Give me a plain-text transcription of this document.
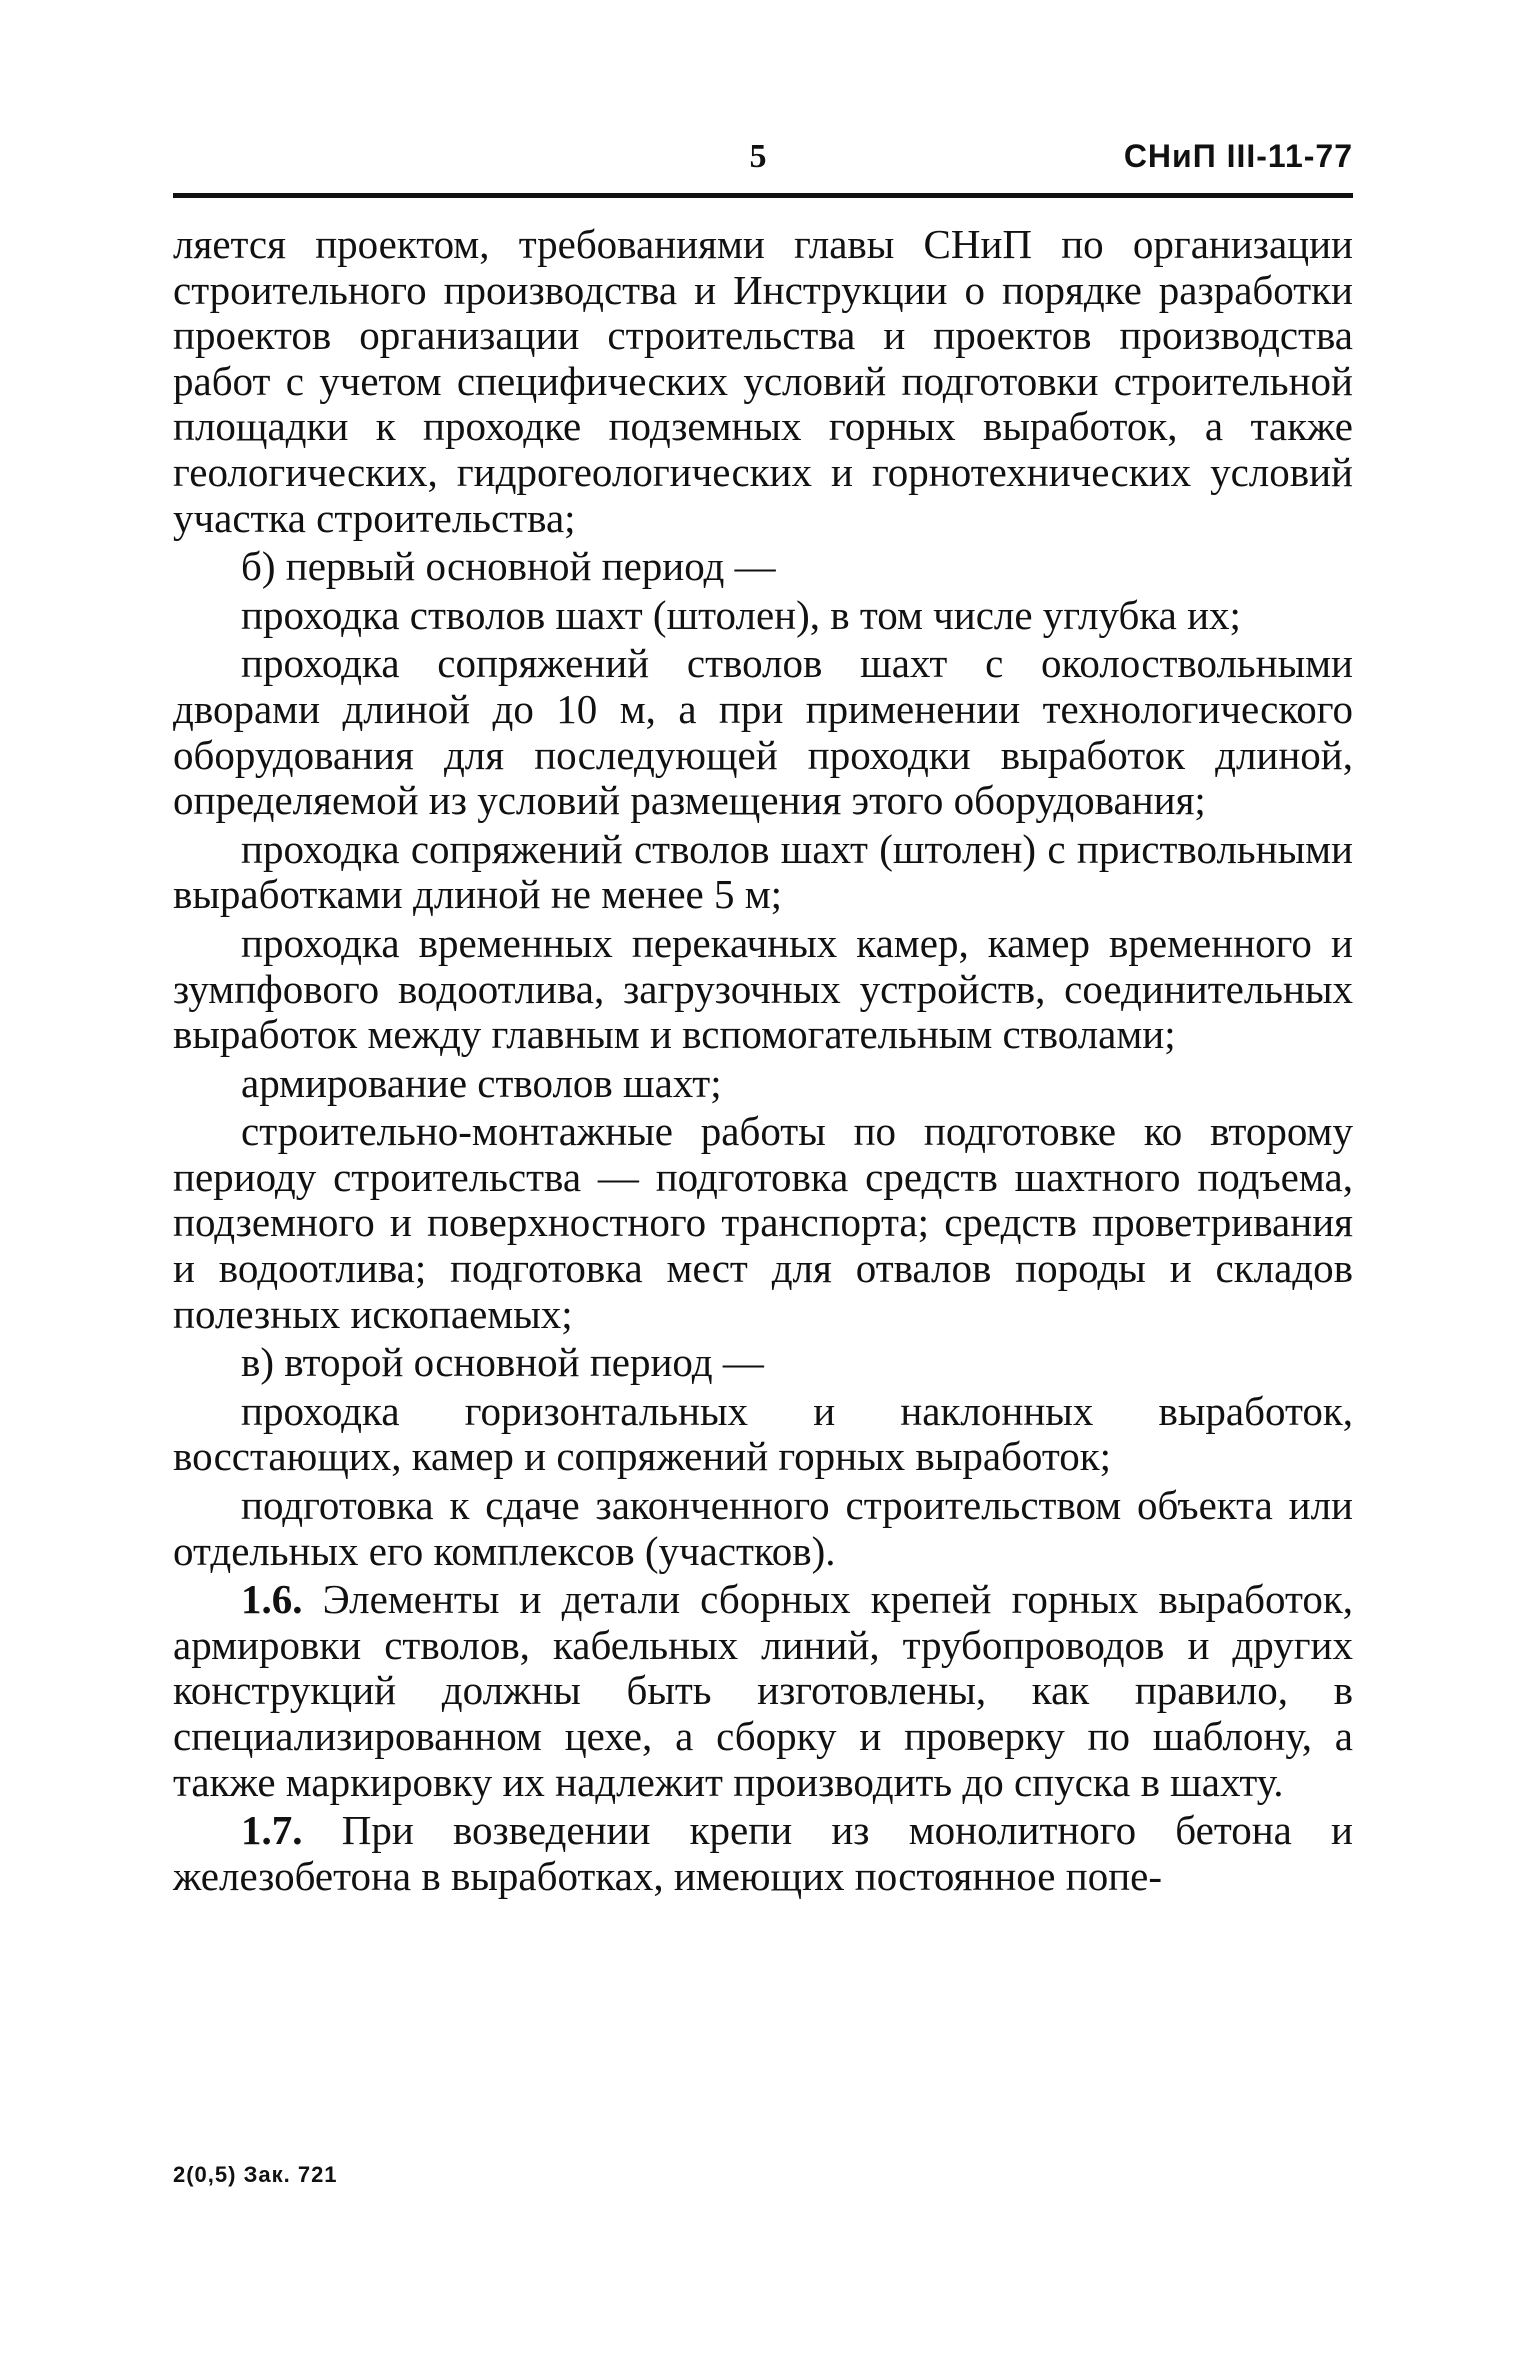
5	СНиП III-11-77

ляется проектом, требованиями главы СНиП по организации строительного производства и Инструкции о порядке разработки проектов организации строительства и проектов производства работ с учетом специфических условий подготовки строительной площадки к проходке подземных горных выработок, а также геологических, гидрогеологических и горнотехнических условий участка строительства;

б) первый основной период —

проходка стволов шахт (штолен), в том числе углубка их;

проходка сопряжений стволов шахт с околоствольными дворами длиной до 10 м, а при применении технологического оборудования для последующей проходки выработок длиной, определяемой из условий размещения этого оборудования;

проходка сопряжений стволов шахт (штолен) с приствольными выработками длиной не менее 5 м;

проходка временных перекачных камер, камер временного и зумпфового водоотлива, загрузочных устройств, соединительных выработок между главным и вспомогательным стволами;

армирование стволов шахт;

строительно-монтажные работы по подготовке ко второму периоду строительства — подготовка средств шахтного подъема, подземного и поверхностного транспорта; средств проветривания и водоотлива; подготовка мест для отвалов породы и складов полезных ископаемых;

в) второй основной период —

проходка горизонтальных и наклонных выработок, восстающих, камер и сопряжений горных выработок;

подготовка к сдаче законченного строительством объекта или отдельных его комплексов (участков).

1.6. Элементы и детали сборных крепей горных выработок, армировки стволов, кабельных линий, трубопроводов и других конструкций должны быть изготовлены, как правило, в специализированном цехе, а сборку и проверку по шаблону, а также маркировку их надлежит производить до спуска в шахту.

1.7. При возведении крепи из монолитного бетона и железобетона в выработках, имеющих постоянное попе-

2(0,5) Зак. 721
